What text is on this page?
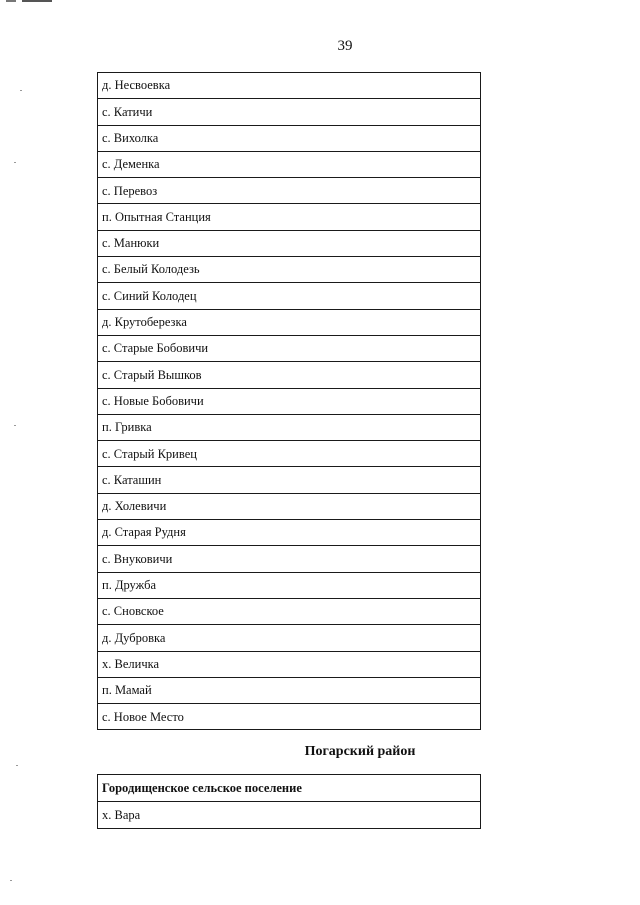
39
д. Несвоевка
с. Катичи
с. Вихолка
с. Деменка
с. Перевоз
п. Опытная Станция
с. Манюки
с. Белый Колодезь
с. Синий Колодец
д. Крутоберезка
с. Старые Бобовичи
с. Старый Вышков
с. Новые Бобовичи
п. Гривка
с. Старый Кривец
с. Каташин
д. Холевичи
д. Старая Рудня
с. Внуковичи
п. Дружба
с. Сновское
д. Дубровка
х. Величка
п. Мамай
с. Новое Место
Погарский район
Городищенское сельское поселение
х. Вара
